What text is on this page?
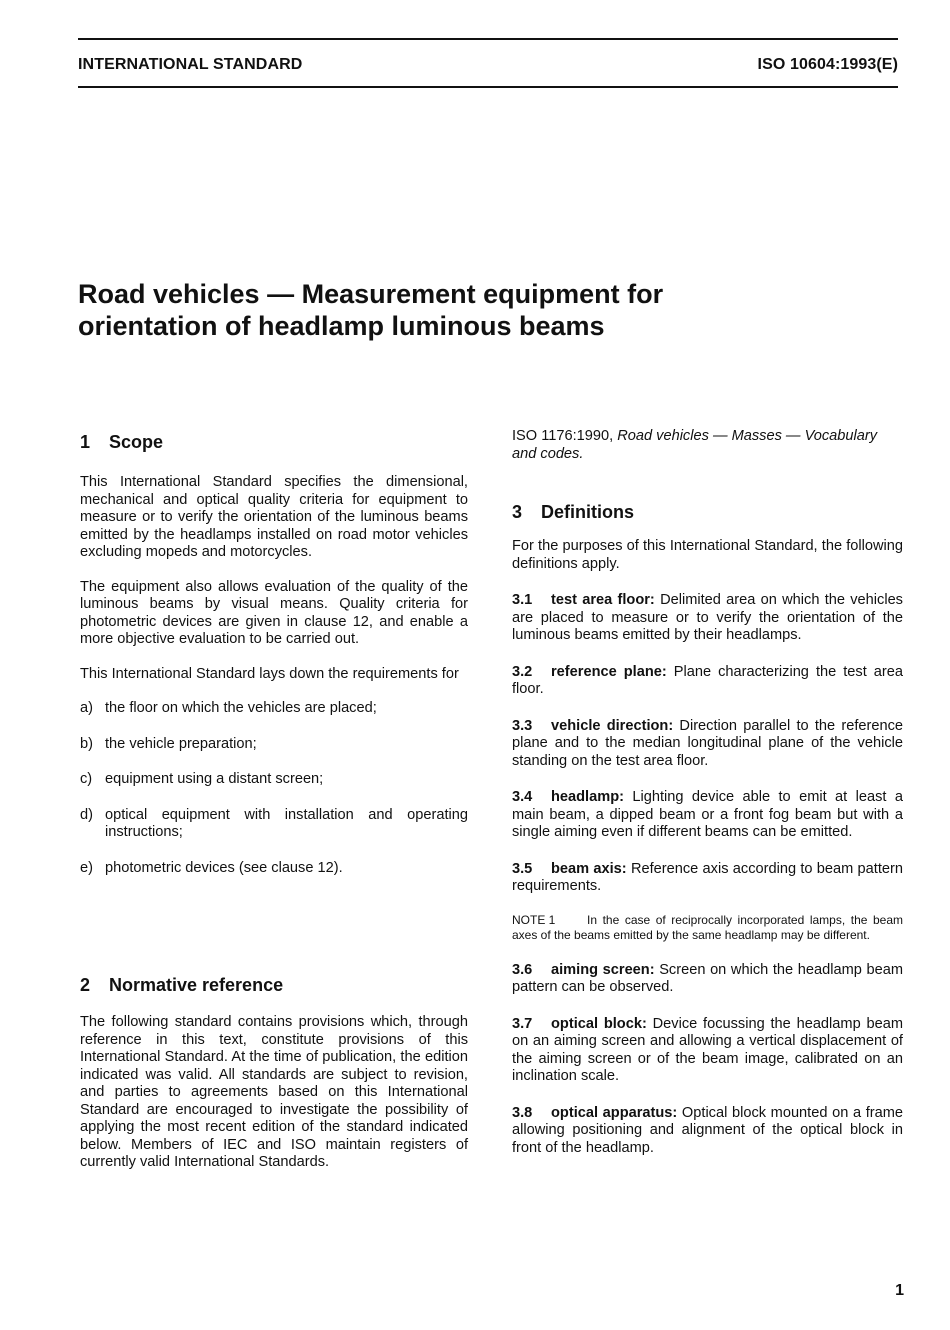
INTERNATIONAL STANDARD	ISO 10604:1993(E)
Road vehicles — Measurement equipment for
orientation of headlamp luminous beams
1 Scope

This International Standard specifies the dimensional, mechanical and optical quality criteria for equipment to measure or to verify the orientation of the luminous beams emitted by the headlamps installed on road motor vehicles excluding mopeds and motorcycles.

The equipment also allows evaluation of the quality of the luminous beams by visual means. Quality criteria for photometric devices are given in clause 12, and enable a more objective evaluation to be carried out.

This International Standard lays down the requirements for

a) the floor on which the vehicles are placed;
b) the vehicle preparation;
c) equipment using a distant screen;
d) optical equipment with installation and operating instructions;
e) photometric devices (see clause 12).
2 Normative reference

The following standard contains provisions which, through reference in this text, constitute provisions of this International Standard. At the time of publication, the edition indicated was valid. All standards are subject to revision, and parties to agreements based on this International Standard are encouraged to investigate the possibility of applying the most recent edition of the standard indicated below. Members of IEC and ISO maintain registers of currently valid International Standards.

ISO 1176:1990, Road vehicles — Masses — Vocabulary and codes.

3 Definitions

For the purposes of this International Standard, the following definitions apply.

3.1 test area floor: Delimited area on which the vehicles are placed to measure or to verify the orientation of the luminous beams emitted by their headlamps.

3.2 reference plane: Plane characterizing the test area floor.

3.3 vehicle direction: Direction parallel to the reference plane and to the median longitudinal plane of the vehicle standing on the test area floor.

3.4 headlamp: Lighting device able to emit at least a main beam, a dipped beam or a front fog beam but with a single aiming even if different beams can be emitted.

3.5 beam axis: Reference axis according to beam pattern requirements.

NOTE 1	In the case of reciprocally incorporated lamps, the beam axes of the beams emitted by the same headlamp may be different.

3.6 aiming screen: Screen on which the headlamp beam pattern can be observed.

3.7 optical block: Device focussing the headlamp beam on an aiming screen and allowing a vertical displacement of the aiming screen or of the beam image, calibrated on an inclination scale.

3.8 optical apparatus: Optical block mounted on a frame allowing positioning and alignment of the optical block in front of the headlamp.

1
